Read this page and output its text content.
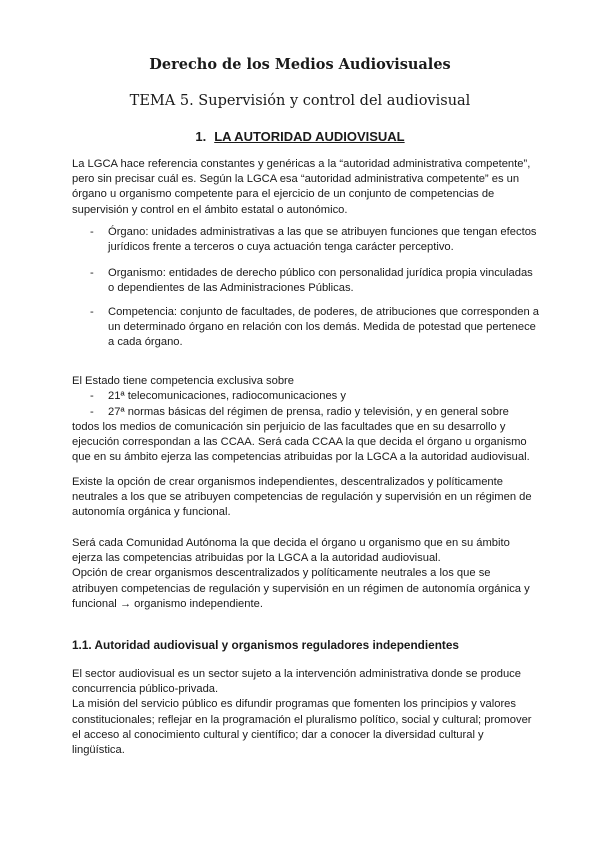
Derecho de los Medios Audiovisuales
TEMA 5. Supervisión y control del audiovisual
1. LA AUTORIDAD AUDIOVISUAL

La LGCA hace referencia constantes y genéricas a la “autoridad administrativa competente”, pero sin precisar cuál es. Según la LGCA esa “autoridad administrativa competente” es un órgano u organismo competente para el ejercicio de un conjunto de competencias de supervisión y control en el ámbito estatal o autonómico.

- Órgano: unidades administrativas a las que se atribuyen funciones que tengan efectos jurídicos frente a terceros o cuya actuación tenga carácter perceptivo.
- Organismo: entidades de derecho público con personalidad jurídica propia vinculadas o dependientes de las Administraciones Públicas.
- Competencia: conjunto de facultades, de poderes, de atribuciones que corresponden a un determinado órgano en relación con los demás. Medida de potestad que pertenece a cada órgano.

El Estado tiene competencia exclusiva sobre

- 21ª telecomunicaciones, radiocomunicaciones y
- 27ª normas básicas del régimen de prensa, radio y televisión, y en general sobre

todos los medios de comunicación sin perjuicio de las facultades que en su desarrollo y ejecución correspondan a las CCAA. Será cada CCAA la que decida el órgano u organismo que en su ámbito ejerza las competencias atribuidas por la LGCA a la autoridad audiovisual.

Existe la opción de crear organismos independientes, descentralizados y políticamente neutrales a los que se atribuyen competencias de regulación y supervisión en un régimen de autonomía orgánica y funcional.

Será cada Comunidad Autónoma la que decida el órgano u organismo que en su ámbito ejerza las competencias atribuidas por la LGCA a la autoridad audiovisual.

Opción de crear organismos descentralizados y políticamente neutrales a los que se atribuyen competencias de regulación y supervisión en un régimen de autonomía orgánica y funcional → organismo independiente.

1.1. Autoridad audiovisual y organismos reguladores independientes

El sector audiovisual es un sector sujeto a la intervención administrativa donde se produce concurrencia público-privada.

La misión del servicio público es difundir programas que fomenten los principios y valores constitucionales; reflejar en la programación el pluralismo político, social y cultural; promover el acceso al conocimiento cultural y científico; dar a conocer la diversidad cultural y lingüística.
